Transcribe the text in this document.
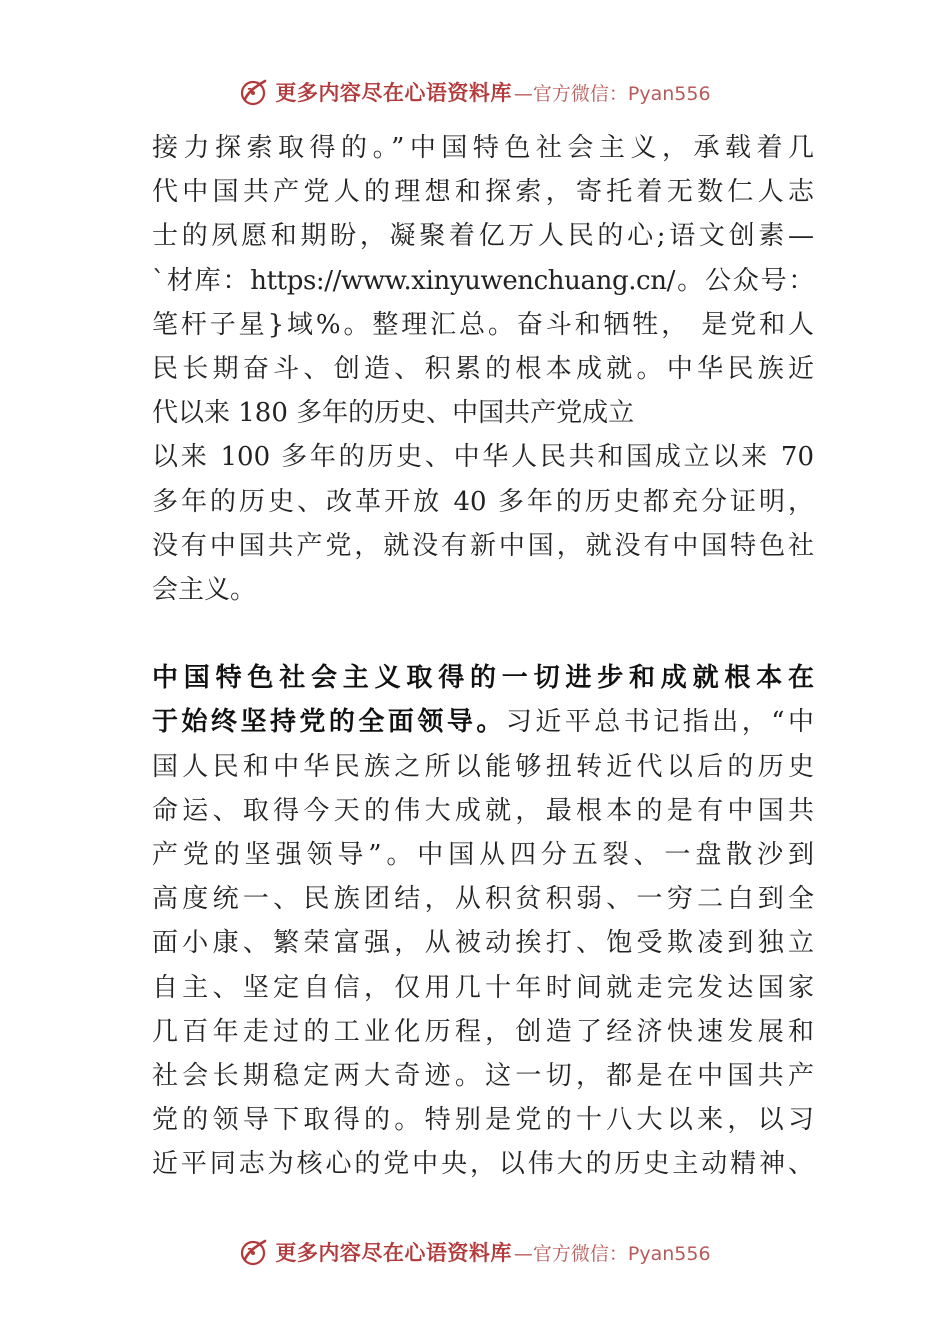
更多内容尽在心语资料库 —官方微信：Pyan556
接力探索取得的。”中国特色社会主义，承载着几
代中国共产党人的理想和探索，寄托着无数仁人志
士的夙愿和期盼，凝聚着亿万人民的心;语文创素—
`材库：https://www.xinyuwenchuang.cn/。公众号：
笔杆子星}域%。整理汇总。奋斗和牺牲， 是党和人
民长期奋斗、创造、积累的根本成就。中华民族近
代以来 180 多年的历史、中国共产党成立
以来 100 多年的历史、中华人民共和国成立以来 70
多年的历史、改革开放 40 多年的历史都充分证明，
没有中国共产党，就没有新中国，就没有中国特色社
会主义。
中国特色社会主义取得的一切进步和成就根本在
于始终坚持党的全面领导。习近平总书记指出，“中
国人民和中华民族之所以能够扭转近代以后的历史
命运、取得今天的伟大成就，最根本的是有中国共
产党的坚强领导”。中国从四分五裂、一盘散沙到
高度统一、民族团结，从积贫积弱、一穷二白到全
面小康、繁荣富强，从被动挨打、饱受欺凌到独立
自主、坚定自信，仅用几十年时间就走完发达国家
几百年走过的工业化历程，创造了经济快速发展和
社会长期稳定两大奇迹。这一切，都是在中国共产
党的领导下取得的。特别是党的十八大以来，以习
近平同志为核心的党中央，以伟大的历史主动精神、
更多内容尽在心语资料库 —官方微信：Pyan556
